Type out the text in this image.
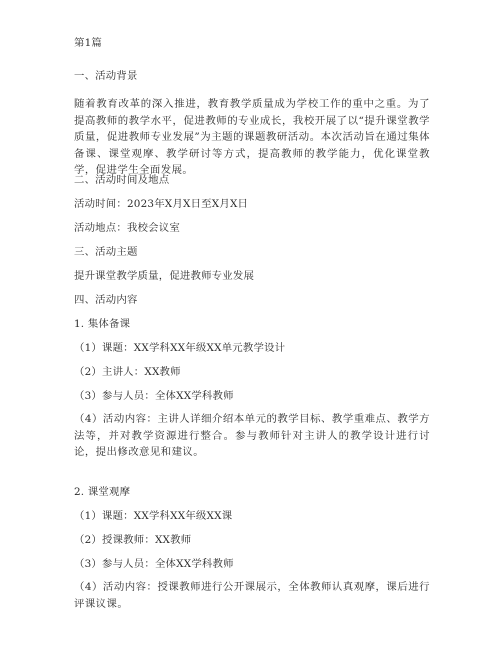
第1篇
一、活动背景
随着教育改革的深入推进，教育教学质量成为学校工作的重中之重。为了提高教师的教学水平，促进教师的专业成长，我校开展了以“提升课堂教学质量，促进教师专业发展”为主题的课题教研活动。本次活动旨在通过集体备课、课堂观摩、教学研讨等方式，提高教师的教学能力，优化课堂教学，促进学生全面发展。
二、活动时间及地点
活动时间：2023年X月X日至X月X日
活动地点：我校会议室
三、活动主题
提升课堂教学质量，促进教师专业发展
四、活动内容
1. 集体备课
（1）课题：XX学科XX年级XX单元教学设计
（2）主讲人：XX教师
（3）参与人员：全体XX学科教师
（4）活动内容：主讲人详细介绍本单元的教学目标、教学重难点、教学方法等，并对教学资源进行整合。参与教师针对主讲人的教学设计进行讨论，提出修改意见和建议。
2. 课堂观摩
（1）课题：XX学科XX年级XX课
（2）授课教师：XX教师
（3）参与人员：全体XX学科教师
（4）活动内容：授课教师进行公开课展示，全体教师认真观摩，课后进行评课议课。
